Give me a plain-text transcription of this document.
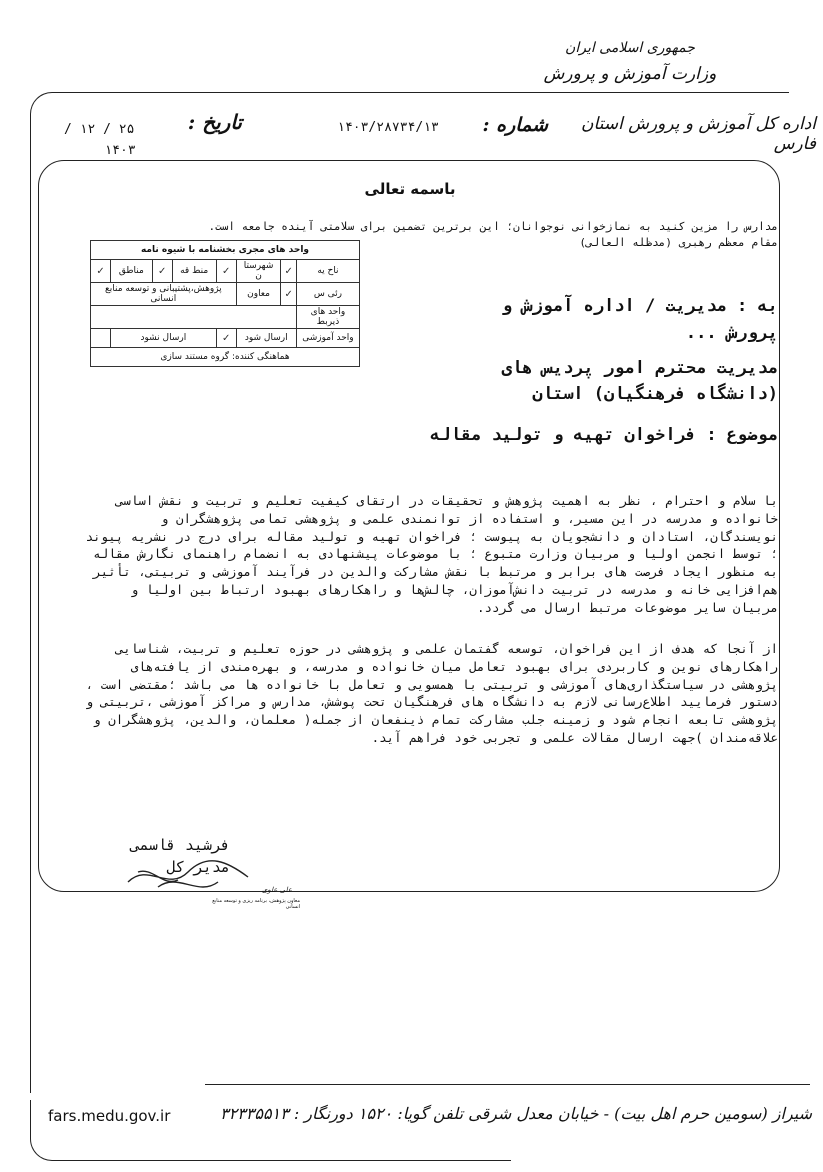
جمهوری اسلامی ایران
وزارت آموزش و پرورش
اداره کل آموزش و پرورش استان فارس
شماره :
۱۴۰۳/۲۸۷۳۴/۱۳
تاریخ :
/ ۱۲ / ۲۵
۱۴۰۳
باسمه تعالی
مدارس را مزین کنید به نمازخوانی نوجوانان؛ این برترین تضمین برای سلامتی آینده جامعه است.
مقام معظم رهبری (مدظله العالی)
واحد های مجری بخشنامه با شیوه نامه							
ناح یه	✓	شهرستا ن	✓	منط قه	✓	مناطق	✓
رئی س	✓	معاون	پژوهش،پشتیبانی و توسعه منابع انسانی				
واحد های ذیربط							
واحد آموزشی	ارسال شود		✓	ارسال نشود			
هماهنگی کننده: گروه مستند سازی							
به : مدیریت / اداره آموزش و
پرورش ...
مدیریت محترم امور پردیس های
(دانشگاه فرهنگیان) استان
موضوع : فراخوان تهیه و تولید مقاله
با سلام و احترام ، نظر به اهمیت پژوهش و تحقیقات در ارتقای کیفیت تعلیم و تربیت و نقش اساسی خانواده و مدرسه در این مسیر، و استفاده از توانمندی علمی و پژوهشی تمامی پژوهشگران و نویسندگان، استادان و دانشجویان به پیوست ؛ فراخوان تهیه و تولید مقاله برای درج در نشریه پیوند ؛ توسط انجمن اولیا و مربیان وزارت متبوع ؛ با موضوعات پیشنهادی به انضمام راهنمای نگارش مقاله به منظور ایجاد فرصت های برابر و مرتبط با نقش مشارکت والدین در فرآیند آموزشی و تربیتی، تأثیر هم‌افزایی خانه و مدرسه در تربیت دانش‌آموزان، چالش‌ها و راهکارهای بهبود ارتباط بین اولیا و مربیان سایر موضوعات مرتبط ارسال می گردد.
از آنجا که هدف از این فراخوان، توسعه گفتمان علمی و پژوهشی در حوزه تعلیم و تربیت، شناسایی راهکارهای نوین و کاربردی برای بهبود تعامل میان خانواده و مدرسه، و بهره‌مندی از یافته‌های پژوهشی در سیاستگذاری‌های آموزشی و تربیتی با همسویی و تعامل با خانواده ها می باشد ؛مقتضی است ، دستور فرمایید اطلاع‌رسانی لازم به دانشگاه های فرهنگیان تحت پوشش، مدارس و مراکز آموزشی ،تربیتی و پژوهشی تابعه انجام شود و زمینه جلب مشارکت تمام ذینفعان از جمله( معلمان، والدین، پژوهشگران و علاقه‌مندان )جهت ارسال مقالات علمی و تجربی خود فراهم آید.
فرشید قاسمی
مدیر کل
علی علوی
معاون پژوهش، برنامه ریزی و توسعه منابع انسانی
شیراز (سومین حرم اهل بیت) - خیابان معدل شرقی تلفن گویا: ۱۵۲۰ دورنگار : ۳۲۳۳۵۵۱۳
fars.medu.gov.ir
